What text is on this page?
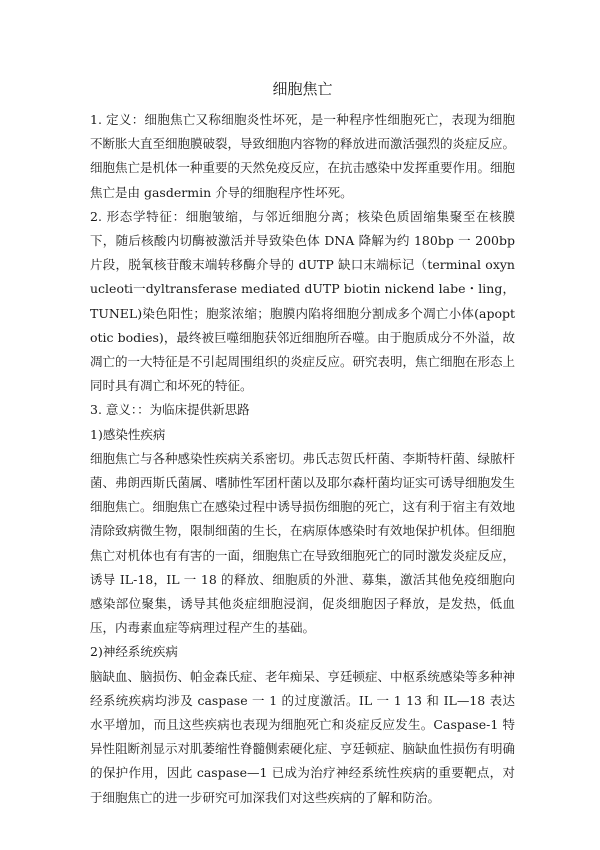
细胞焦亡

1. 定义：细胞焦亡又称细胞炎性坏死，是一种程序性细胞死亡，表现为细胞不断胀大直至细胞膜破裂，导致细胞内容物的释放进而激活强烈的炎症反应。细胞焦亡是机体一种重要的天然免疫反应，在抗击感染中发挥重要作用。细胞焦亡是由 gasdermin 介导的细胞程序性坏死。

2. 形态学特征：细胞皱缩，与邻近细胞分离；核染色质固缩集聚至在核膜下，随后核酸内切酶被激活并导致染色体 DNA 降解为约 180bp 一 200bp 片段，脱氧核苷酸末端转移酶介导的 dUTP 缺口末端标记（terminal oxynucleoti一dyltransferase mediated dUTP biotin nickend labe・ling，TUNEL)染色阳性；胞浆浓缩；胞膜内陷将细胞分割成多个凋亡小体(apoptotic bodies)，最终被巨噬细胞获邻近细胞所吞噬。由于胞质成分不外溢，故凋亡的一大特征是不引起周围组织的炎症反应。研究表明，焦亡细胞在形态上同时具有凋亡和坏死的特征。

3. 意义：：为临床提供新思路

1)感染性疾病

细胞焦亡与各种感染性疾病关系密切。弗氏志贺氏杆菌、李斯特杆菌、绿脓杆菌、弗朗西斯氏菌属、嗜肺性军团杆菌以及耶尔森杆菌均证实可诱导细胞发生细胞焦亡。细胞焦亡在感染过程中诱导损伤细胞的死亡，这有利于宿主有效地清除致病微生物，限制细菌的生长，在病原体感染时有效地保护机体。但细胞焦亡对机体也有有害的一面，细胞焦亡在导致细胞死亡的同时激发炎症反应，诱导 IL-18，IL 一 18 的释放、细胞质的外泄、募集，激活其他免疫细胞向感染部位聚集，诱导其他炎症细胞浸润，促炎细胞因子释放，是发热，低血压，内毒素血症等病理过程产生的基础。

2)神经系统疾病

脑缺血、脑损伤、帕金森氏症、老年痴呆、亨廷顿症、中枢系统感染等多种神经系统疾病均涉及 caspase 一 1 的过度激活。IL 一 1 13 和 IL—18 表达水平增加，而且这些疾病也表现为细胞死亡和炎症反应发生。Caspase-1 特异性阻断剂显示对肌萎缩性脊髓侧索硬化症、亨廷顿症、脑缺血性损伤有明确的保护作用，因此 caspase—1 已成为治疗神经系统性疾病的重要靶点，对于细胞焦亡的进一步研究可加深我们对这些疾病的了解和防治。
